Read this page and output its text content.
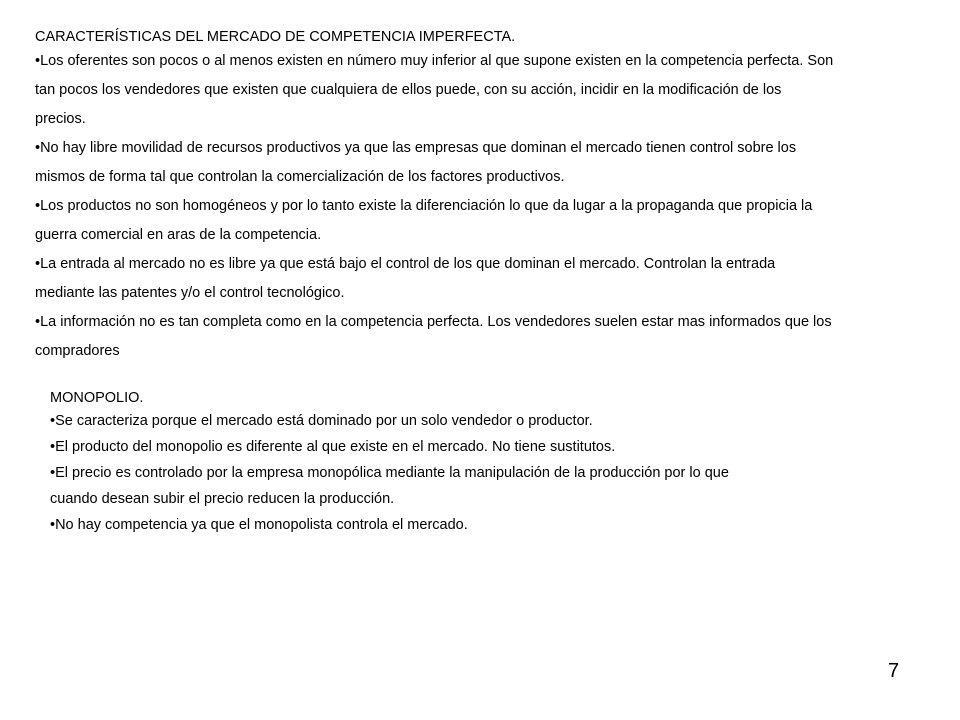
CARACTERÍSTICAS DEL MERCADO DE COMPETENCIA IMPERFECTA.
•Los oferentes son pocos o al menos existen en número muy inferior al que supone existen en la competencia perfecta. Son tan pocos los vendedores que existen que cualquiera de ellos puede, con su acción, incidir en la modificación de los precios.
•No hay libre movilidad de recursos productivos ya que las empresas que dominan el mercado tienen control sobre los mismos de forma tal que controlan la comercialización de los factores productivos.
•Los productos no son homogéneos y por lo tanto existe la diferenciación lo que da lugar a la propaganda que propicia la guerra comercial en aras de la competencia.
•La entrada al mercado no es libre ya que está bajo el control de los que dominan el mercado. Controlan la entrada mediante las patentes y/o el control tecnológico.
•La información no es tan completa como en la competencia perfecta. Los vendedores suelen estar mas informados que los compradores
MONOPOLIO.
•Se caracteriza porque el mercado está dominado por un solo vendedor o productor.
•El producto del monopolio es diferente al que existe en el mercado. No tiene sustitutos.
•El precio es controlado por la empresa monopólica mediante la manipulación de la producción por lo que cuando desean subir el precio reducen la producción.
•No hay competencia ya que el monopolista controla el mercado.
7
